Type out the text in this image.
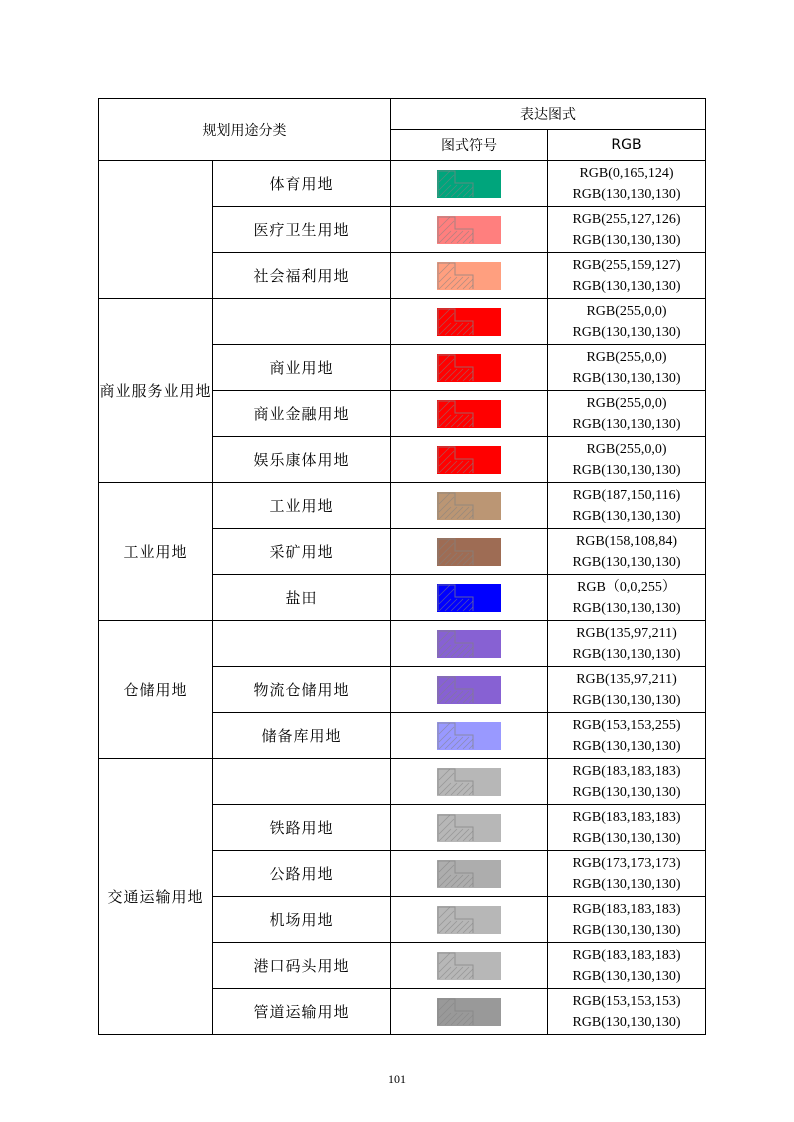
规划用途分类		表达图式	
		图式符号	RGB
	体育用地		RGB(0,165,124)
RGB(130,130,130)

	医疗卫生用地		RGB(255,127,126)
RGB(130,130,130)

	社会福利用地		RGB(255,159,127)
RGB(130,130,130)

商业服务业用地			RGB(255,0,0)
RGB(130,130,130)

	商业用地		RGB(255,0,0)
RGB(130,130,130)

	商业金融用地		RGB(255,0,0)
RGB(130,130,130)

	娱乐康体用地		RGB(255,0,0)
RGB(130,130,130)

工业用地	工业用地		RGB(187,150,116)
RGB(130,130,130)

	采矿用地		RGB(158,108,84)
RGB(130,130,130)

	盐田		RGB（0,0,255）
RGB(130,130,130)

仓储用地			RGB(135,97,211)
RGB(130,130,130)

	物流仓储用地		RGB(135,97,211)
RGB(130,130,130)

	储备库用地		RGB(153,153,255)
RGB(130,130,130)

交通运输用地			RGB(183,183,183)
RGB(130,130,130)

	铁路用地		RGB(183,183,183)
RGB(130,130,130)

	公路用地		RGB(173,173,173)
RGB(130,130,130)

	机场用地		RGB(183,183,183)
RGB(130,130,130)

	港口码头用地		RGB(183,183,183)
RGB(130,130,130)

	管道运输用地		RGB(153,153,153)
RGB(130,130,130)
101
